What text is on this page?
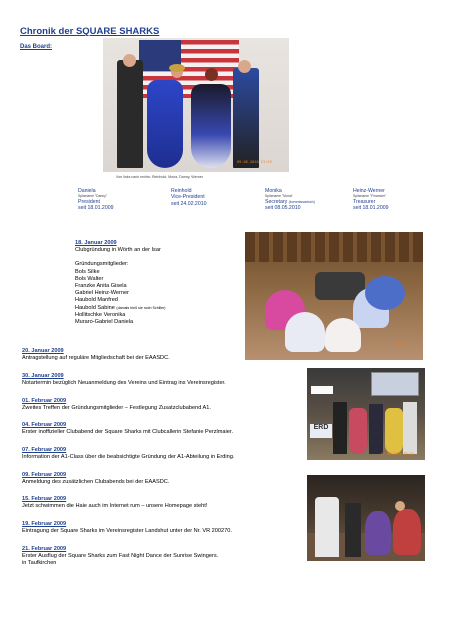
Chronik der SQUARE SHARKS
Das Board:
09.06.2010 21:29
Von links nach rechts: Reinhold, Mona, Danny, Werner
Daniela
Spitzname "Danny"
President
seit 18.01.2009
Reinhold
Vice-President
seit 24.02.2010
Monika
Spitzname "Mona"
Secretary (kommissarisch)
seit 08.05.2010
Heinz-Werner
Spitzname "Financier"
Treasurer
seit 18.01.2009
18. Januar 2009
Clubgründung in Wörth an der Isar
Gründungsmitglieder:
Bols Silke
Bols Walter
Franzke Anita Gisela
Gabriel Heinz-Werner
Haubold Manfred
Haubold Sabine (damals hieß sie noch Schiller)
Hollitschke Veronika
Muraro-Gabriel Daniela
21:43
20. Januar 2009
Antragstellung auf reguläre Mitgliedschaft bei der EAASDC.
30. Januar 2009
Notartermin bezüglich Neuanmeldung des Vereins und Eintrag ins Vereinsregister.
01. Februar 2009
Zweites Treffen der Gründungsmitglieder – Festlegung Zusatzclubabend A1.
04. Februar 2009
Erster inoffizieller Clubabend der Square Sharks mit Clubcallerin Stefanie Perzlmaier.
07. Februar 2009
Information der A1-Class über die beabsichtigte Gründung der A1-Abteilung in Erding.
09. Februar 2009
Anmeldung des zusätzlichen Clubabends bei der EAASDC.
15. Februar 2009
Jetzt schwimmen die Haie auch im Internet rum – unsere Homepage steht!
19. Februar 2009
Eintragung der Square Sharks im Vereinsregister Landshut unter der Nr. VR 200270.
21. Februar 2009
Erster Ausflug der Square Sharks zum Fast Night Dance der Sunrise Swingers.
in Taufkirchen
ERD
07.08.2009 20:42
